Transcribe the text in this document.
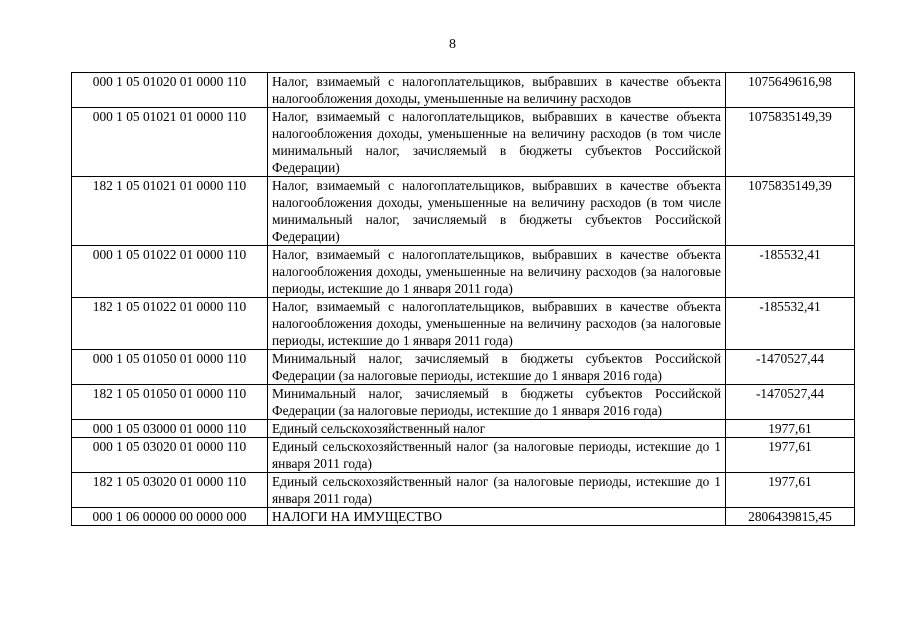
8
000 1 05 01020 01 0000 110	Налог, взимаемый с налогоплательщиков, выбравших в качестве объекта налогообложения доходы, уменьшенные на величину расходов	1075649616,98
000 1 05 01021 01 0000 110	Налог, взимаемый с налогоплательщиков, выбравших в качестве объекта налогообложения доходы, уменьшенные на величину расходов (в том числе минимальный налог, зачисляемый в бюджеты субъектов Российской Федерации)	1075835149,39
182 1 05 01021 01 0000 110	Налог, взимаемый с налогоплательщиков, выбравших в качестве объекта налогообложения доходы, уменьшенные на величину расходов (в том числе минимальный налог, зачисляемый в бюджеты субъектов Российской Федерации)	1075835149,39
000 1 05 01022 01 0000 110	Налог, взимаемый с налогоплательщиков, выбравших в качестве объекта налогообложения доходы, уменьшенные на величину расходов (за налоговые периоды, истекшие до 1 января 2011 года)	-185532,41
182 1 05 01022 01 0000 110	Налог, взимаемый с налогоплательщиков, выбравших в качестве объекта налогообложения доходы, уменьшенные на величину расходов (за налоговые периоды, истекшие до 1 января 2011 года)	-185532,41
000 1 05 01050 01 0000 110	Минимальный налог, зачисляемый в бюджеты субъектов Российской Федерации (за налоговые периоды, истекшие до 1 января 2016 года)	-1470527,44
182 1 05 01050 01 0000 110	Минимальный налог, зачисляемый в бюджеты субъектов Российской Федерации (за налоговые периоды, истекшие до 1 января 2016 года)	-1470527,44
000 1 05 03000 01 0000 110	Единый сельскохозяйственный налог	1977,61
000 1 05 03020 01 0000 110	Единый сельскохозяйственный налог (за налоговые периоды, истекшие до 1 января 2011 года)	1977,61
182 1 05 03020 01 0000 110	Единый сельскохозяйственный налог (за налоговые периоды, истекшие до 1 января 2011 года)	1977,61
000 1 06 00000 00 0000 000	НАЛОГИ НА ИМУЩЕСТВО	2806439815,45
